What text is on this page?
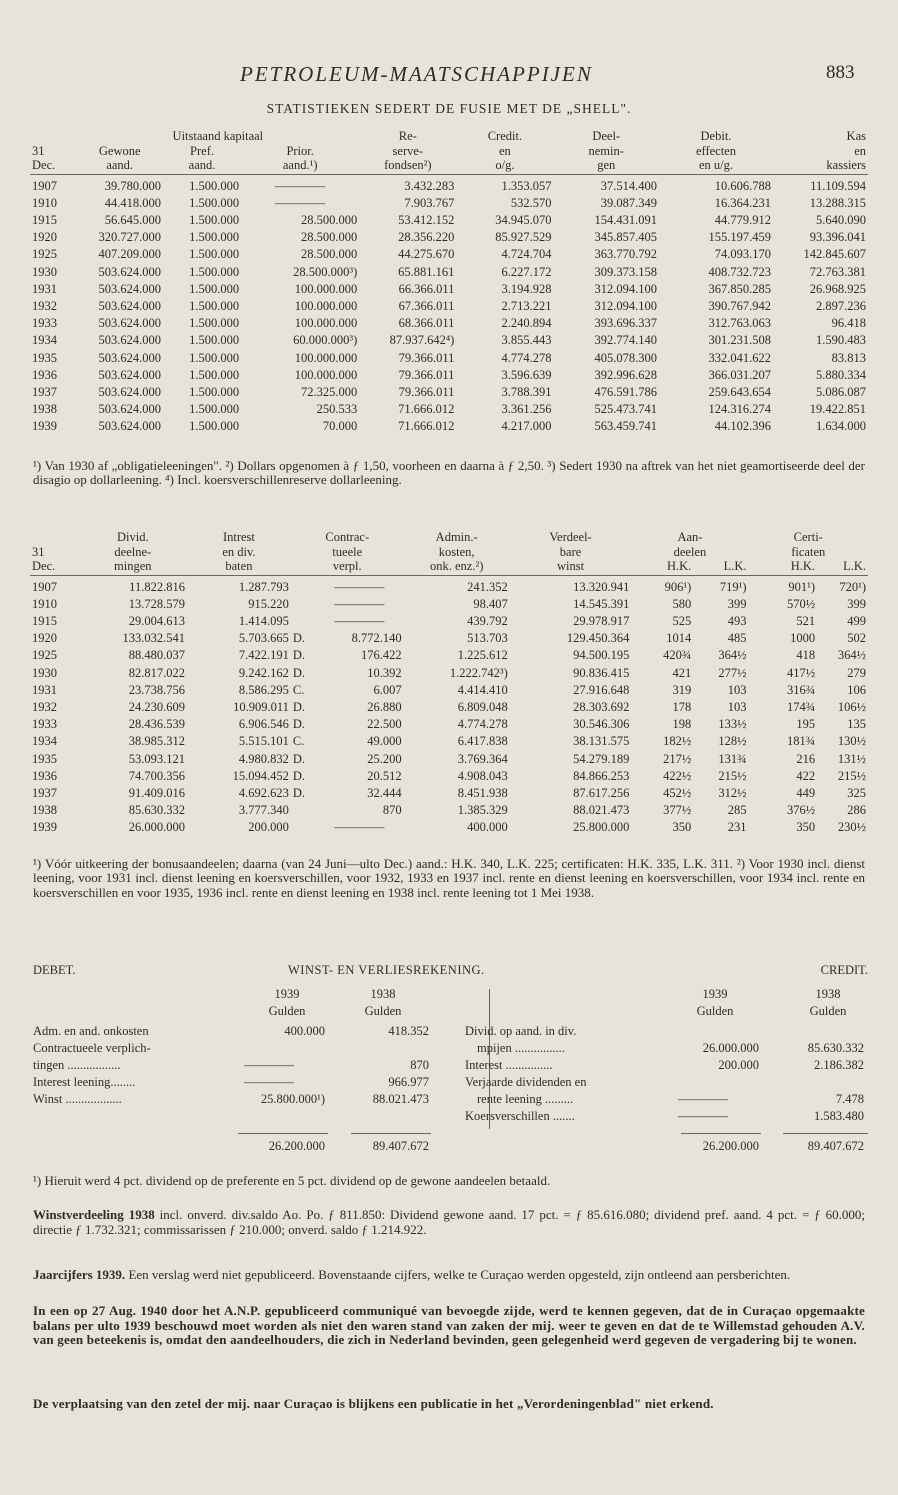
PETROLEUM-MAATSCHAPPIJEN	883
STATISTIEKEN SEDERT DE FUSIE MET DE „SHELL".
	Uitstaand kapitaal			Re-	Credit.	Deel-	Debit.	Kas
31	Gewone	Pref.	Prior.	serve-	en	nemin-	effecten	en
Dec.	aand.	aand.	aand.¹)	fondsen²)	o/g.	gen	en u/g.	kassiers
1907	39.780.000	1.500.000	————	3.432.283	1.353.057	37.514.400	10.606.788	11.109.594
1910	44.418.000	1.500.000	————	7.903.767	532.570	39.087.349	16.364.231	13.288.315
1915	56.645.000	1.500.000	28.500.000	53.412.152	34.945.070	154.431.091	44.779.912	5.640.090
1920	320.727.000	1.500.000	28.500.000	28.356.220	85.927.529	345.857.405	155.197.459	93.396.041
1925	407.209.000	1.500.000	28.500.000	44.275.670	4.724.704	363.770.792	74.093.170	142.845.607
1930	503.624.000	1.500.000	28.500.000³)	65.881.161	6.227.172	309.373.158	408.732.723	72.763.381
1931	503.624.000	1.500.000	100.000.000	66.366.011	3.194.928	312.094.100	367.850.285	26.968.925
1932	503.624.000	1.500.000	100.000.000	67.366.011	2.713.221	312.094.100	390.767.942	2.897.236
1933	503.624.000	1.500.000	100.000.000	68.366.011	2.240.894	393.696.337	312.763.063	96.418
1934	503.624.000	1.500.000	60.000.000³)	87.937.642⁴)	3.855.443	392.774.140	301.231.508	1.590.483
1935	503.624.000	1.500.000	100.000.000	79.366.011	4.774.278	405.078.300	332.041.622	83.813
1936	503.624.000	1.500.000	100.000.000	79.366.011	3.596.639	392.996.628	366.031.207	5.880.334
1937	503.624.000	1.500.000	72.325.000	79.366.011	3.788.391	476.591.786	259.643.654	5.086.087
1938	503.624.000	1.500.000	250.533	71.666.012	3.361.256	525.473.741	124.316.274	19.422.851
1939	503.624.000	1.500.000	70.000	71.666.012	4.217.000	563.459.741	44.102.396	1.634.000
¹) Van 1930 af „obligatieleeningen". ²) Dollars opgenomen à ƒ 1,50, voorheen en daarna à ƒ 2,50. ³) Sedert 1930 na aftrek van het niet geamortiseerde deel der disagio op dollarleening. ⁴) Incl. koersverschillenreserve dollarleening.
	Divid.	Intrest	Contrac-		Admin.-	Verdeel-	Aan-		Certi-	
31	deelne-	en div.	tueele		kosten,	bare	deelen		ficaten	
Dec.	mingen	baten	verpl.		onk. enz.²)	winst	H.K.	L.K.	H.K.	L.K.
1907	11.822.816	1.287.793		————	241.352	13.320.941	906¹)	719¹)	901¹)	720¹)
1910	13.728.579	915.220		————	98.407	14.545.391	580	399	570½	399
1915	29.004.613	1.414.095		————	439.792	29.978.917	525	493	521	499
1920	133.032.541	5.703.665	D.	8.772.140	513.703	129.450.364	1014	485	1000	502
1925	88.480.037	7.422.191	D.	176.422	1.225.612	94.500.195	420¾	364½	418	364½
1930	82.817.022	9.242.162	D.	10.392	1.222.742³)	90.836.415	421	277½	417½	279
1931	23.738.756	8.586.295	C.	6.007	4.414.410	27.916.648	319	103	316¾	106
1932	24.230.609	10.909.011	D.	26.880	6.809.048	28.303.692	178	103	174¾	106½
1933	28.436.539	6.906.546	D.	22.500	4.774.278	30.546.306	198	133½	195	135
1934	38.985.312	5.515.101	C.	49.000	6.417.838	38.131.575	182½	128½	181¾	130½
1935	53.093.121	4.980.832	D.	25.200	3.769.364	54.279.189	217½	131¾	216	131½
1936	74.700.356	15.094.452	D.	20.512	4.908.043	84.866.253	422½	215½	422	215½
1937	91.409.016	4.692.623	D.	32.444	8.451.938	87.617.256	452½	312½	449	325
1938	85.630.332	3.777.340		870	1.385.329	88.021.473	377½	285	376½	286
1939	26.000.000	200.000		————	400.000	25.800.000	350	231	350	230½
¹) Vóór uitkeering der bonusaandeelen; daarna (van 24 Juni—ulto Dec.) aand.: H.K. 340, L.K. 225; certificaten: H.K. 335, L.K. 311. ²) Voor 1930 incl. dienst leening, voor 1931 incl. dienst leening en koersverschillen, voor 1932, 1933 en 1937 incl. rente en dienst leening en koersverschillen, voor 1934 incl. rente en koersverschillen en voor 1935, 1936 incl. rente en dienst leening en 1938 incl. rente leening tot 1 Mei 1938.
DEBET.	WINST- EN VERLIESREKENING.	CREDIT.
1939	1938
Gulden	Gulden
1939	1938
Gulden	Gulden
Adm. en and. onkosten	400.000	418.352
Contractueele verplich-
tingen .................	————	870
Interest leening........	————	966.977
Winst ..................	25.800.000¹)	88.021.473
Divid. op aand. in div.
mpijen ................	26.000.000	85.630.332
Interest ...............	200.000	2.186.382
Verjaarde dividenden en
rente leening .........	————	7.478
Koersverschillen .......	————	1.583.480
26.200.000	89.407.672	26.200.000	89.407.672
¹) Hieruit werd 4 pct. dividend op de preferente en 5 pct. dividend op de gewone aandeelen betaald.
Winstverdeeling 1938 incl. onverd. div.saldo Ao. Po. ƒ 811.850: Dividend gewone aand. 17 pct. = ƒ 85.616.080; dividend pref. aand. 4 pct. = ƒ 60.000; directie ƒ 1.732.321; commissarissen ƒ 210.000; onverd. saldo ƒ 1.214.922.
Jaarcijfers 1939. Een verslag werd niet gepubliceerd. Bovenstaande cijfers, welke te Curaçao werden opgesteld, zijn ontleend aan persberichten.
In een op 27 Aug. 1940 door het A.N.P. gepubliceerd communiqué van bevoegde zijde, werd te kennen gegeven, dat de in Curaçao opgemaakte balans per ulto 1939 beschouwd moet worden als niet den waren stand van zaken der mij. weer te geven en dat de te Willemstad gehouden A.V. van geen beteekenis is, omdat den aandeelhouders, die zich in Nederland bevinden, geen gelegenheid werd gegeven de vergadering bij te wonen.
De verplaatsing van den zetel der mij. naar Curaçao is blijkens een publicatie in het „Verordeningenblad" niet erkend.
